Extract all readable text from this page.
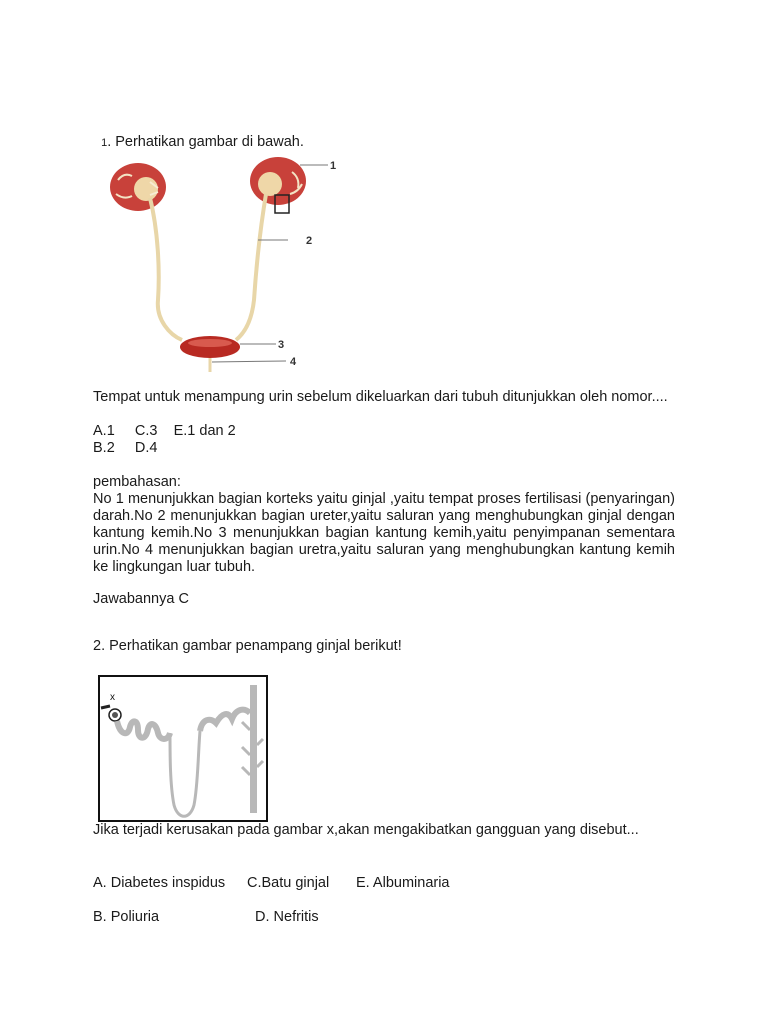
1. Perhatikan gambar di bawah.

1
2
3
4
Tempat untuk menampung urin sebelum dikeluarkan dari tubuh ditunjukkan oleh nomor....
A.1     C.3    E.1 dan 2
B.2     D.4
pembahasan:
No 1 menunjukkan bagian korteks yaitu ginjal ,yaitu tempat proses fertilisasi (penyaringan) darah.No 2 menunjukkan bagian ureter,yaitu saluran yang menghubungkan ginjal dengan kantung kemih.No 3 menunjukkan bagian kantung kemih,yaitu penyimpanan sementara urin.No 4 menunjukkan bagian uretra,yaitu saluran yang menghubungkan kantung kemih ke lingkungan luar tubuh.
Jawabannya C
2. Perhatikan gambar penampang ginjal berikut!
x
Jika terjadi kerusakan pada gambar x,akan mengakibatkan gangguan yang disebut...
A. Diabetes inspidus C.Batu ginjal E. Albuminaria
B. Poliuria	D. Nefritis
